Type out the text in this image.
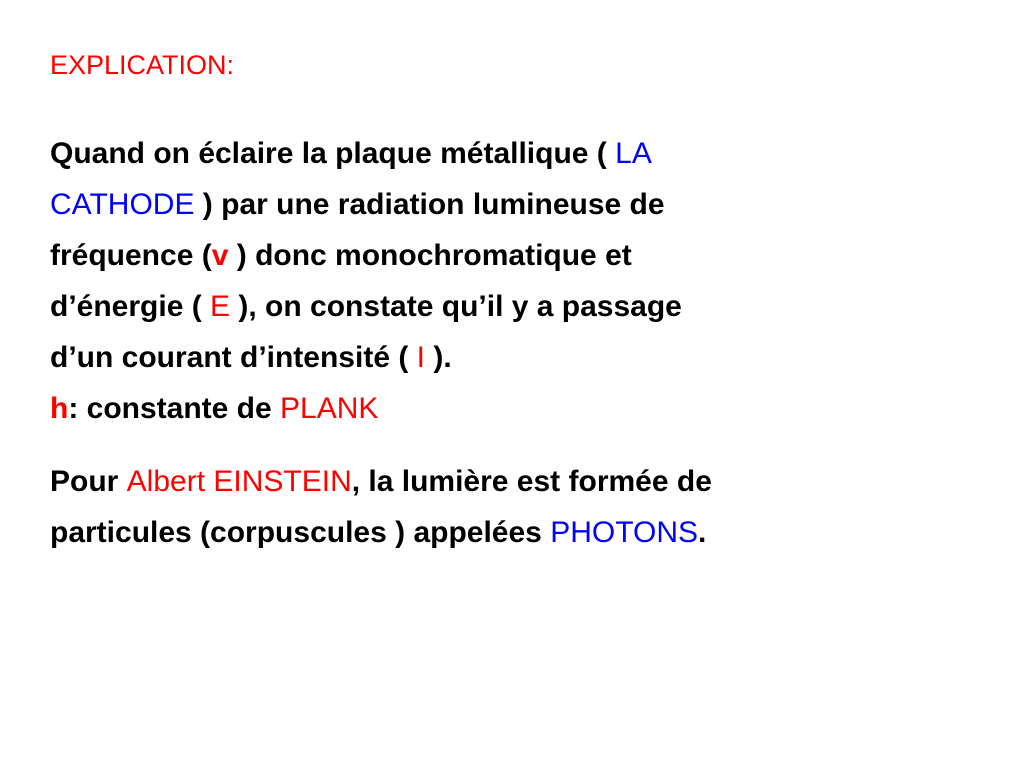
EXPLICATION:
Quand on éclaire la plaque métallique ( LA
CATHODE ) par une radiation lumineuse de
fréquence (v ) donc monochromatique et
d’énergie ( E ), on constate qu’il y a passage
d’un courant d’intensité ( I ).
h: constante de PLANK
Pour Albert EINSTEIN, la lumière est formée de
particules (corpuscules ) appelées PHOTONS.
